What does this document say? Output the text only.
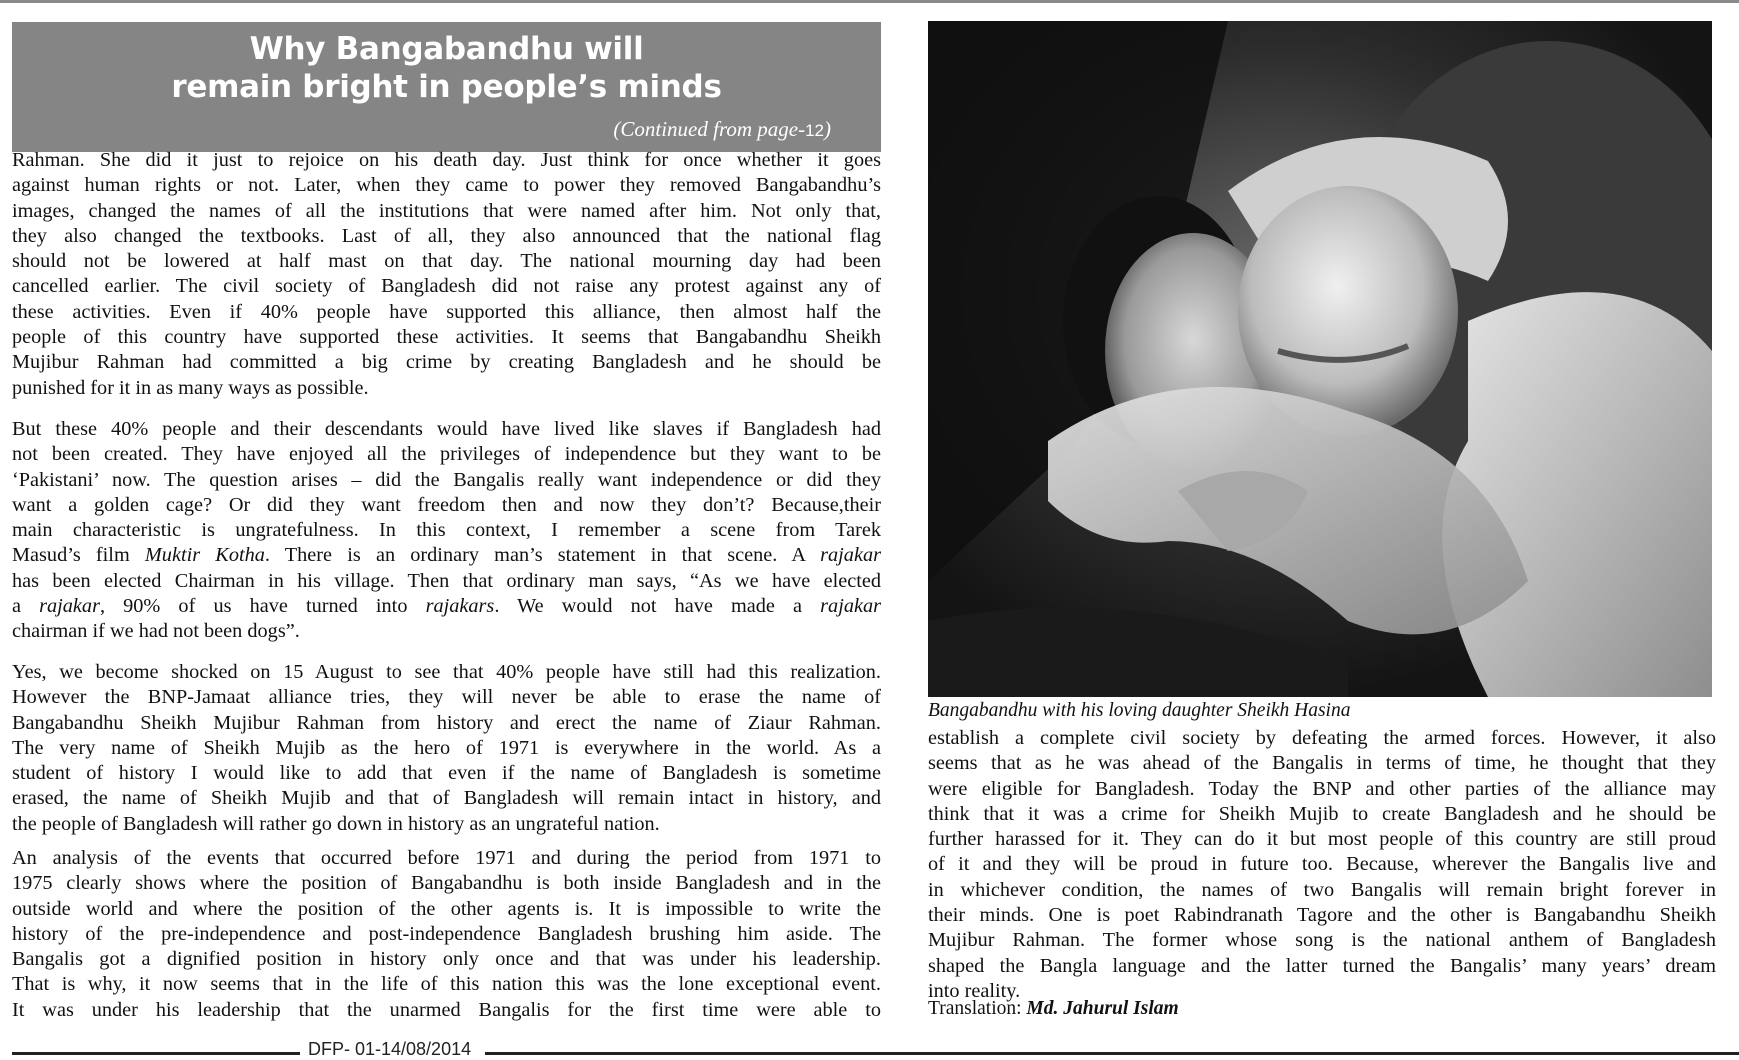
Why Bangabandhu will
remain bright in people’s minds
(Continued from page-12)
Rahman. She did it just to rejoice on his death day. Just think for once whether it goes
against human rights or not. Later, when they came to power they removed Bangabandhu’s
images, changed the names of all the institutions that were named after him. Not only that,
they also changed the textbooks. Last of all, they also announced that the national flag
should not be lowered at half mast on that day. The national mourning day had been
cancelled earlier. The civil society of Bangladesh did not raise any protest against any of
these activities. Even if 40% people have supported this alliance, then almost half the
people of this country have supported these activities. It seems that Bangabandhu Sheikh
Mujibur Rahman had committed a big crime by creating Bangladesh and he should be
punished for it in as many ways as possible.
But these 40% people and their descendants would have lived like slaves if Bangladesh had
not been created. They have enjoyed all the privileges of independence but they want to be
‘Pakistani’ now. The question arises – did the Bangalis really want independence or did they
want a golden cage? Or did they want freedom then and now they don’t? Because,their
main characteristic is ungratefulness. In this context, I remember a scene from Tarek
Masud’s film Muktir Kotha. There is an ordinary man’s statement in that scene. A rajakar
has been elected Chairman in his village. Then that ordinary man says, “As we have elected
a rajakar, 90% of us have turned into rajakars. We would not have made a rajakar
chairman if we had not been dogs”.
Yes, we become shocked on 15 August to see that 40% people have still had this realization.
However the BNP-Jamaat alliance tries, they will never be able to erase the name of
Bangabandhu Sheikh Mujibur Rahman from history and erect the name of Ziaur Rahman.
The very name of Sheikh Mujib as the hero of 1971 is everywhere in the world. As a
student of history I would like to add that even if the name of Bangladesh is sometime
erased, the name of Sheikh Mujib and that of Bangladesh will remain intact in history, and
the people of Bangladesh will rather go down in history as an ungrateful nation.
An analysis of the events that occurred before 1971 and during the period from 1971 to
1975 clearly shows where the position of Bangabandhu is both inside Bangladesh and in the
outside world and where the position of the other agents is. It is impossible to write the
history of the pre-independence and post-independence Bangladesh brushing him aside. The
Bangalis got a dignified position in history only once and that was under his leadership.
That is why, it now seems that in the life of this nation this was the lone exceptional event.
It was under his leadership that the unarmed Bangalis for the first time were able to
Bangabandhu with his loving daughter Sheikh Hasina
establish a complete civil society by defeating the armed forces. However, it also
seems that as he was ahead of the Bangalis in terms of time, he thought that they
were eligible for Bangladesh. Today the BNP and other parties of the alliance may
think that it was a crime for Sheikh Mujib to create Bangladesh and he should be
further harassed for it. They can do it but most people of this country are still proud
of it and they will be proud in future too. Because, wherever the Bangalis live and
in whichever condition, the names of two Bangalis will remain bright forever in
their minds. One is poet Rabindranath Tagore and the other is Bangabandhu Sheikh
Mujibur Rahman. The former whose song is the national anthem of Bangladesh
shaped the Bangla language and the latter turned the Bangalis’ many years’ dream
into reality.
Translation: Md. Jahurul Islam
DFP- 01-14/08/2014
